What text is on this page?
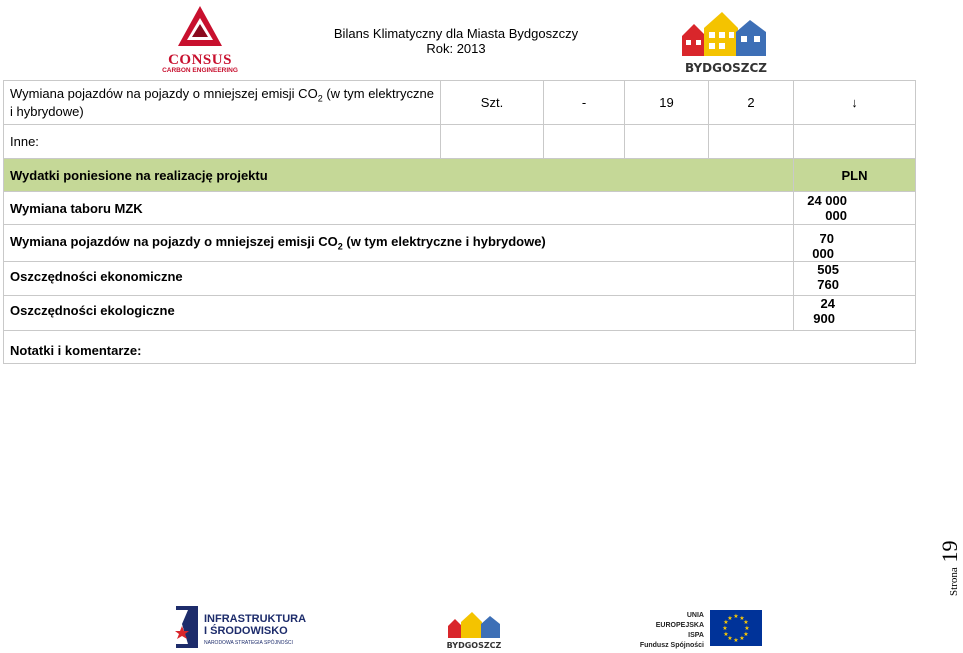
CONSUS
CARBON ENGINEERING
Bilans Klimatyczny dla Miasta Bydgoszczy
Rok: 2013
BYDGOSZCZ
Wymiana pojazdów na pojazdy o mniejszej emisji $CO_2$ (w tym elektryczne i hybrydowe)	Szt.	-	19	2	↓
Inne:					
Wydatki poniesione na realizację projektu					PLN
Wymiana taboru MZK					24 000 000
Wymiana pojazdów na pojazdy o mniejszej emisji $CO_2$ (w tym elektryczne i hybrydowe)					70 000
Oszczędności ekonomiczne					505 760
Oszczędności ekologiczne					24 900
Notatki i komentarze:					
Strona 19
INFRASTRUKTURA
I ŚRODOWISKO
NARODOWA STRATEGIA SPÓJNOŚCI	BYDGOSZCZ
UNIA EUROPEJSKA
ISPA
Fundusz Spójności
★ ★
★
★
★
★
★
★
★
★
★
★
